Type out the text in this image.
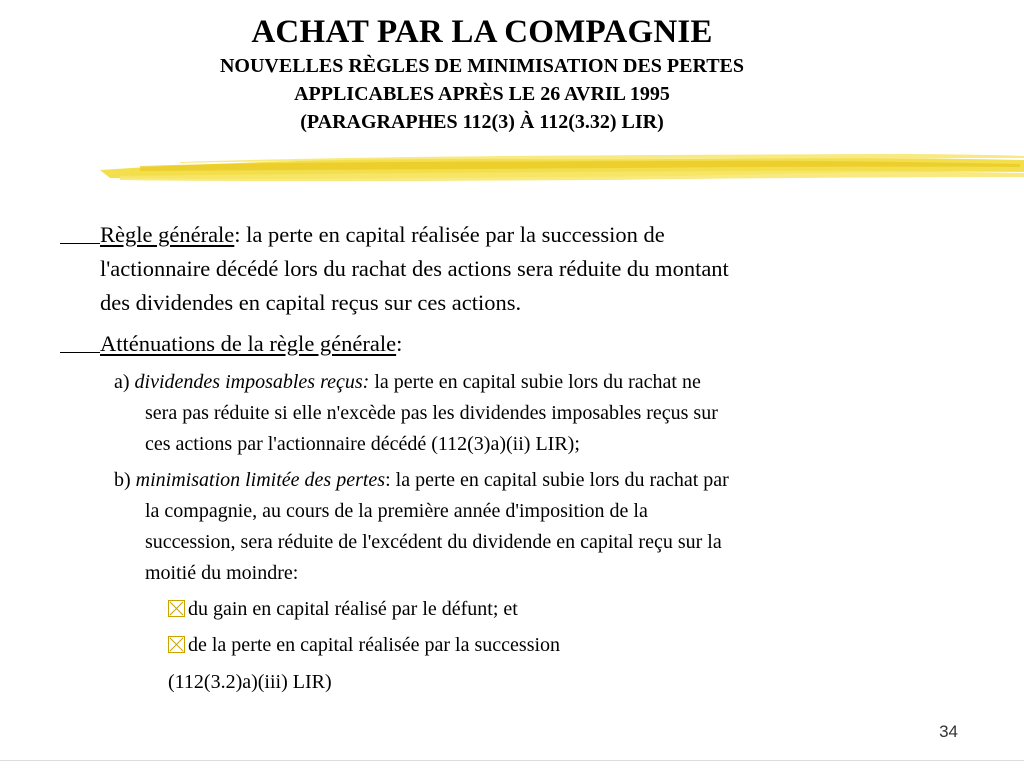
ACHAT PAR LA COMPAGNIE
NOUVELLES RÈGLES DE MINIMISATION DES PERTES
APPLICABLES APRÈS LE 26 AVRIL 1995
(PARAGRAPHES 112(3) À 112(3.32) LIR)
Règle générale: la perte en capital réalisée par la succession de
l'actionnaire décédé lors du rachat des actions sera réduite du montant
des dividendes en capital reçus sur ces actions.
Atténuations de la règle générale:
a) dividendes imposables reçus: la perte en capital subie lors du rachat ne
sera pas réduite si elle n'excède pas les dividendes imposables reçus sur
ces actions par l'actionnaire décédé (112(3)a)(ii) LIR);
b) minimisation limitée des pertes: la perte en capital subie lors du rachat par
la compagnie, au cours de la première année d'imposition de la
succession, sera réduite de l'excédent du dividende en capital reçu sur la
moitié du moindre:
du gain en capital réalisé par le défunt; et
de la perte en capital réalisée par la succession
(112(3.2)a)(iii) LIR)
34
